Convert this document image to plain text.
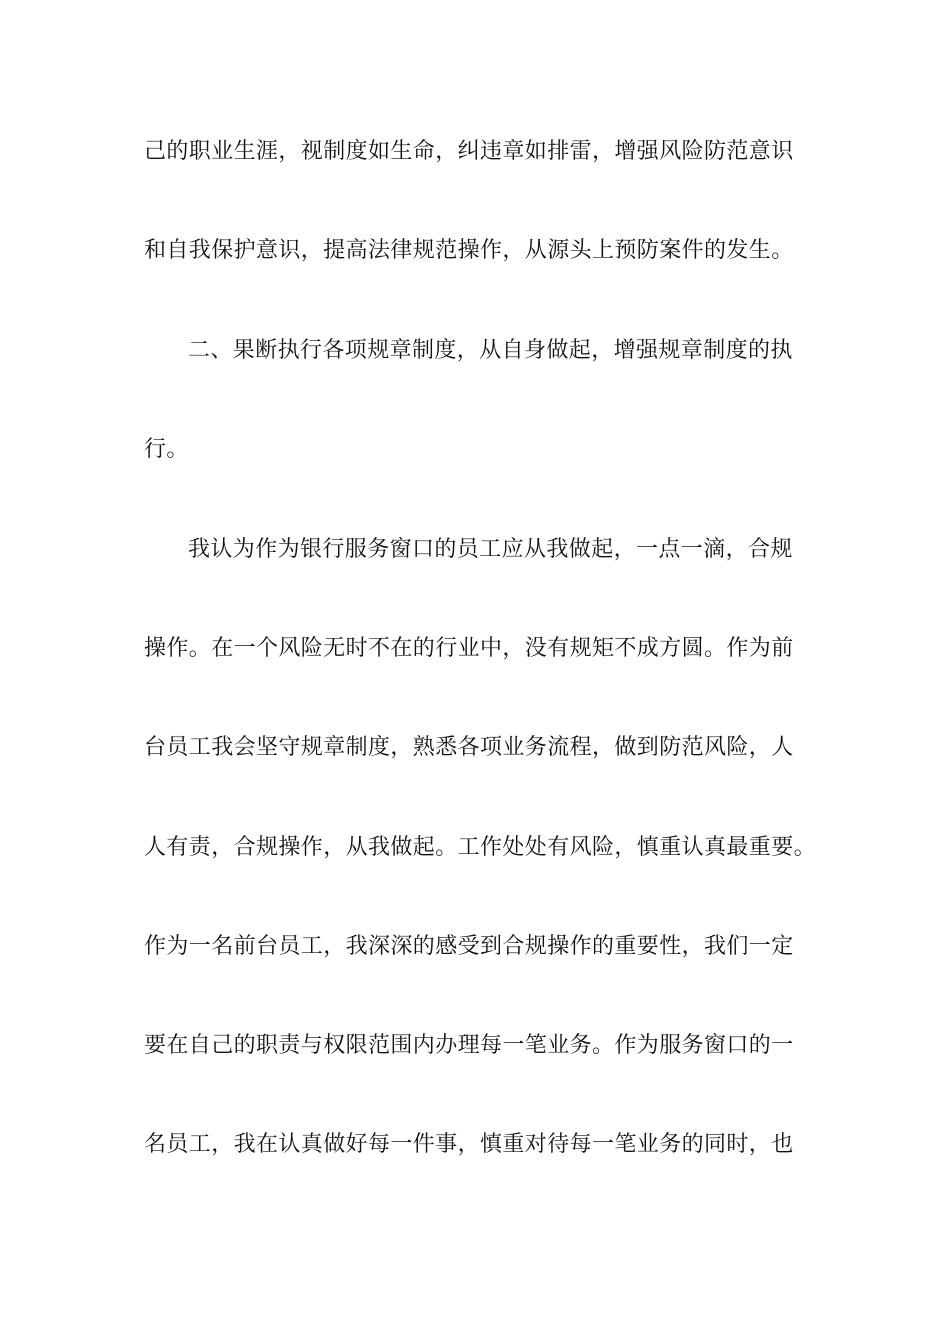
己的职业生涯，视制度如生命，纠违章如排雷，增强风险防范意识
和自我保护意识，提高法律规范操作，从源头上预防案件的发生。
二、果断执行各项规章制度，从自身做起，增强规章制度的执
行。
我认为作为银行服务窗口的员工应从我做起，一点一滴，合规
操作。在一个风险无时不在的行业中，没有规矩不成方圆。作为前
台员工我会坚守规章制度，熟悉各项业务流程，做到防范风险，人
人有责，合规操作，从我做起。工作处处有风险，慎重认真最重要。
作为一名前台员工，我深深的感受到合规操作的重要性，我们一定
要在自己的职责与权限范围内办理每一笔业务。作为服务窗口的一
名员工，我在认真做好每一件事，慎重对待每一笔业务的同时，也
